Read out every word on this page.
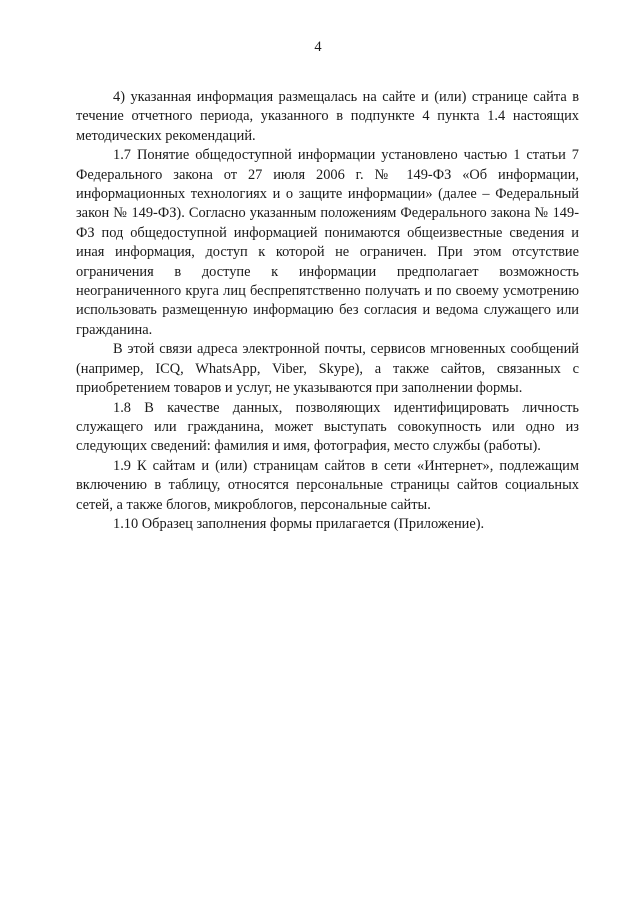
4

4) указанная информация размещалась на сайте и (или) странице сайта в течение отчетного периода, указанного в подпункте 4 пункта 1.4 настоящих методических рекомендаций.

1.7 Понятие общедоступной информации установлено частью 1 статьи 7 Федерального закона от 27 июля 2006 г. № 149-ФЗ «Об информации, информационных технологиях и о защите информации» (далее – Федеральный закон № 149-ФЗ). Согласно указанным положениям Федерального закона № 149-ФЗ под общедоступной информацией понимаются общеизвестные сведения и иная информация, доступ к которой не ограничен. При этом отсутствие ограничения в доступе к информации предполагает возможность неограниченного круга лиц беспрепятственно получать и по своему усмотрению использовать размещенную информацию без согласия и ведома служащего или гражданина.

В этой связи адреса электронной почты, сервисов мгновенных сообщений (например, ICQ, WhatsApp, Viber, Skype), а также сайтов, связанных с приобретением товаров и услуг, не указываются при заполнении формы.

1.8 В качестве данных, позволяющих идентифицировать личность служащего или гражданина, может выступать совокупность или одно из следующих сведений: фамилия и имя, фотография, место службы (работы).

1.9 К сайтам и (или) страницам сайтов в сети «Интернет», подлежащим включению в таблицу, относятся персональные страницы сайтов социальных сетей, а также блогов, микроблогов, персональные сайты.

1.10 Образец заполнения формы прилагается (Приложение).
